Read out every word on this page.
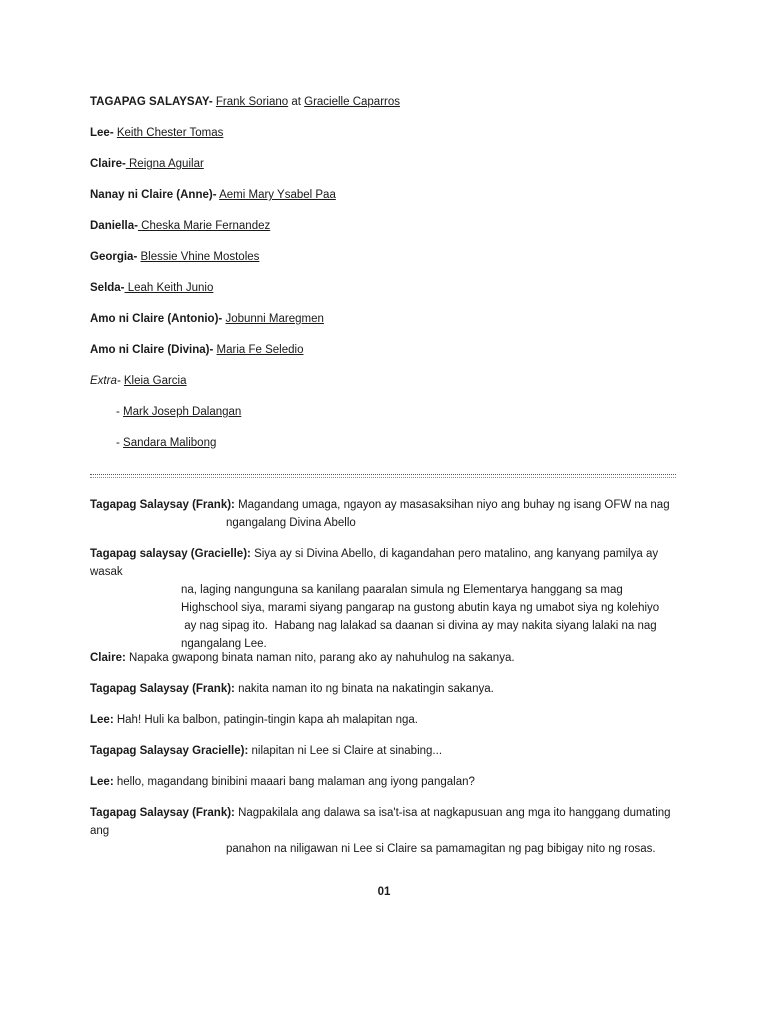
TAGAPAG SALAYSAY- Frank Soriano at Gracielle Caparros
Lee- Keith Chester Tomas
Claire- Reigna Aguilar
Nanay ni Claire (Anne)- Aemi Mary Ysabel Paa
Daniella- Cheska Marie Fernandez
Georgia- Blessie Vhine Mostoles
Selda- Leah Keith Junio
Amo ni Claire (Antonio)- Jobunni Maregmen
Amo ni Claire (Divina)- Maria Fe Seledio
Extra- Kleia Garcia
- Mark Joseph Dalangan
- Sandara Malibong
Tagapag Salaysay (Frank): Magandang umaga, ngayon ay masasaksihan niyo ang buhay ng isang OFW na nag
ngangalang Divina Abello
Tagapag salaysay (Gracielle): Siya ay si Divina Abello, di kagandahan pero matalino, ang kanyang pamilya ay wasak
na, laging nangunguna sa kanilang paaralan simula ng Elementarya hanggang sa mag
Highschool siya, marami siyang pangarap na gustong abutin kaya ng umabot siya ng kolehiyo
ay nag sipag ito.  Habang nag lalakad sa daanan si divina ay may nakita siyang lalaki na nag
ngangalang Lee.
Claire: Napaka gwapong binata naman nito, parang ako ay nahuhulog na sakanya.
Tagapag Salaysay (Frank): nakita naman ito ng binata na nakatingin sakanya.
Lee: Hah! Huli ka balbon, patingin-tingin kapa ah malapitan nga.
Tagapag Salaysay Gracielle): nilapitan ni Lee si Claire at sinabing...
Lee: hello, magandang binibini maaari bang malaman ang iyong pangalan?
Tagapag Salaysay (Frank): Nagpakilala ang dalawa sa isa't-isa at nagkapusuan ang mga ito hanggang dumating ang
panahon na niligawan ni Lee si Claire sa pamamagitan ng pag bibigay nito ng rosas.
01
